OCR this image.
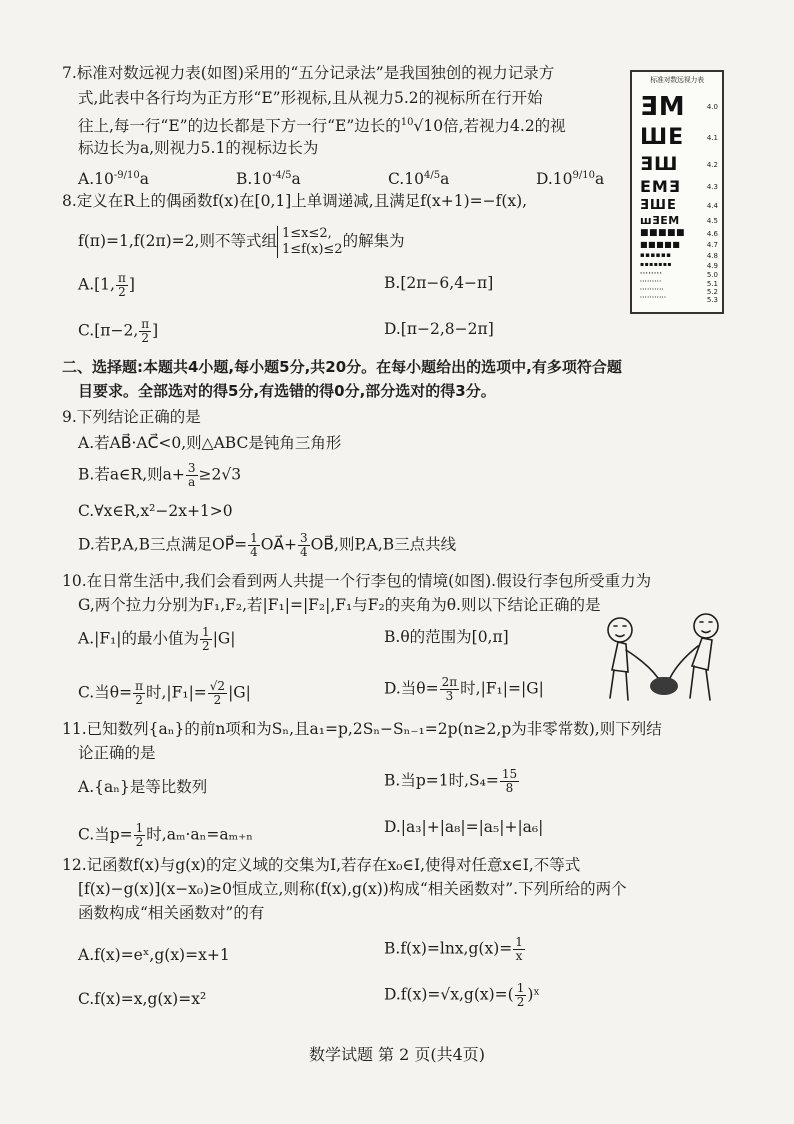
7.标准对数远视力表(如图)采用的“五分记录法”是我国独创的视力记录方
式,此表中各行均为正方形“E”形视标,且从视力5.2的视标所在行开始
往上,每一行“E”的边长都是下方一行“E”边长的$^{10}$√10倍,若视力4.2的视
标边长为a,则视力5.1的视标边长为
$A.10^{-9/10}a$	$B.10^{-4/5}a$	$C.10^{4/5}a$	$D.10^{9/10}a$
标准对数远视力表
ƎM	4.0
ШE	4.1
ƎШ	4.2
EMƎ	4.3
ƎШE	4.4
шƎEM	4.5
■■■■■	4.6
■■■■■	4.7
▪▪▪▪▪▪	4.8
▪▪▪▪▪▪▪	4.9
········	5.0
·········	5.1
··········	5.2
···········	5.3
8.定义在R上的偶函数f(x)在[0,1]上单调递减,且满足f(x+1)=−f(x),
f(π)=1,f(2π)=2,则不等式组 1≤x≤2,
1≤f(x)≤2 的解集为
A.[1, $\frac{\pi}{2}$ ]	B.[2π−6,4−π]
C.[π−2, $\frac{\pi}{2}$ ]	D.[π−2,8−2π]
二、选择题:本题共4小题,每小题5分,共20分。在每小题给出的选项中,有多项符合题
目要求。全部选对的得5分,有选错的得0分,部分选对的得3分。
9.下列结论正确的是
A.若AB⃗·AC⃗<0,则△ABC是钝角三角形
B.若a∈R,则$a+ \frac{3}{a} \ge 2√3$
C.∀x∈R,x²−2x+1>0
D.若P,A,B三点满足OP⃗= $\frac{1}{4}$ OA⃗+ $\frac{3}{4}$ OB⃗,则P,A,B三点共线
10.在日常生活中,我们会看到两人共提一个行李包的情境(如图).假设行李包所受重力为
G,两个拉力分别为F₁,F₂,若|F₁|=|F₂|,F₁与F₂的夹角为θ.则以下结论正确的是
A.|F₁|的最小值为 $\frac{1}{2} |G|$	B.θ的范围为[0,π]
C.当$\theta= \frac{\pi}{2}$ 时$,|F_1|= \frac{√2}{2} |G|$	D.当$\theta= \frac{2\pi}{3}$ 时,|F₁|=|G|
11.已知数列{aₙ}的前n项和为Sₙ,且a₁=p,2Sₙ−Sₙ₋₁=2p(n≥2,p为非零常数),则下列结
论正确的是
A.{aₙ}是等比数列	B.当p=1时$,S_4= \frac{15}{8}$
C.当$p= \frac{1}{2}$ 时,aₘ·aₙ=aₘ₊ₙ	D.|a₃|+|a₈|=|a₅|+|a₆|
12.记函数f(x)与g(x)的定义域的交集为I,若存在x₀∈I,使得对任意x∈I,不等式
[f(x)−g(x)](x−x₀)≥0恒成立,则称(f(x),g(x))构成“相关函数对”.下列所给的两个
函数构成“相关函数对”的有
A.f(x)=eˣ,g(x)=x+1	$B.f(x)=\ln x,g(x)= \frac{1}{x}$
C.f(x)=x,g(x)=x²	$D.f(x)=√x,g(x)=( \frac{1}{2}$ )ˣ
数学试题 第 2 页(共4页)
